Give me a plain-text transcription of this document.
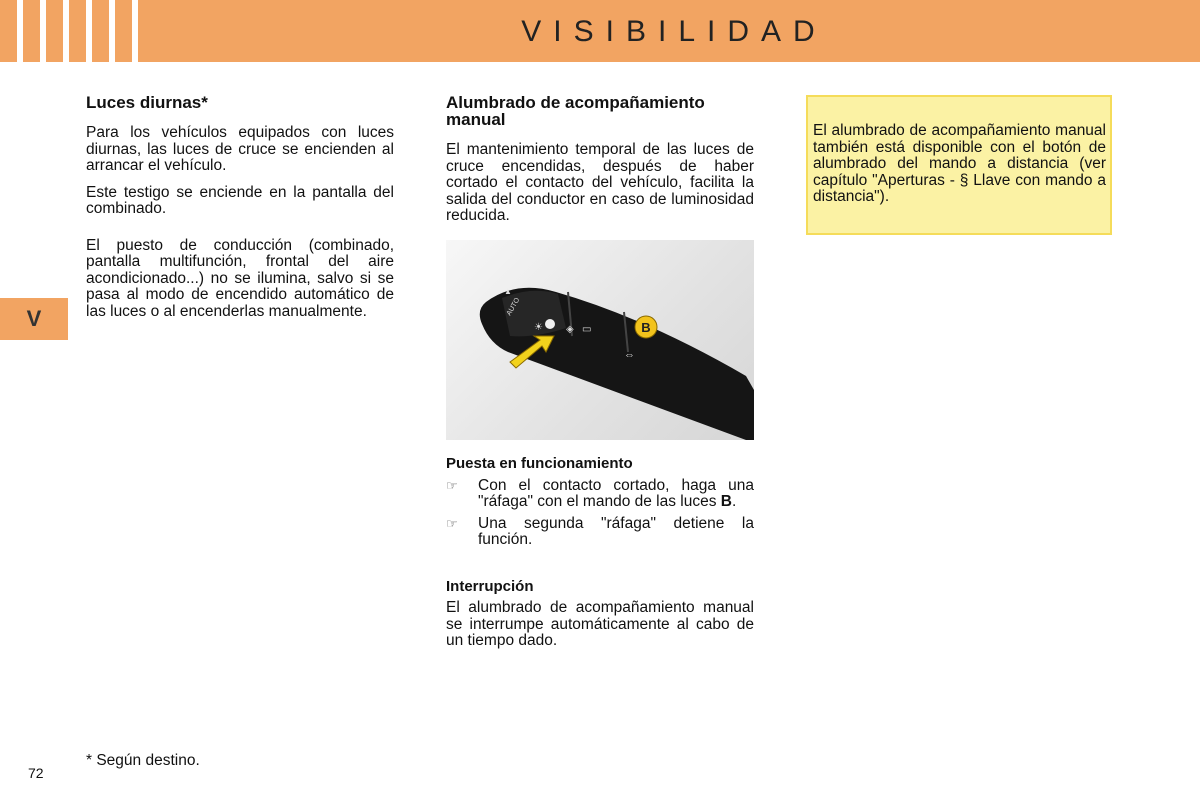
VISIBILIDAD
V
Luces diurnas*

Para los vehículos equipados con luces diurnas, las luces de cruce se encienden al arrancar el vehículo.

Este testigo se enciende en la pantalla del combinado.

El puesto de conducción (combinado, pantalla multifunción, frontal del aire acondicionado...) no se ilumina, salvo si se pasa al modo de encendido automático de las luces o al encenderlas manualmente.

Alumbrado de acompañamiento manual

El mantenimiento temporal de las luces de cruce encendidas, después de haber cortado el contacto del vehículo, facilita la salida del conductor en caso de luminosidad reducida.

▲
AUTO
☀ ◈ ▭
⇔
B
Puesta en funcionamiento
☞	Con el contacto cortado, haga una "ráfaga" con el mando de las luces B.
☞	Una segunda "ráfaga" detiene la función.
Interrupción

El alumbrado de acompañamiento manual se interrumpe automáticamente al cabo de un tiempo dado.

El alumbrado de acompañamiento manual también está disponible con el botón de alumbrado del mando a distancia (ver capítulo "Aperturas - § Llave con mando a distancia").
* Según destino.
72
